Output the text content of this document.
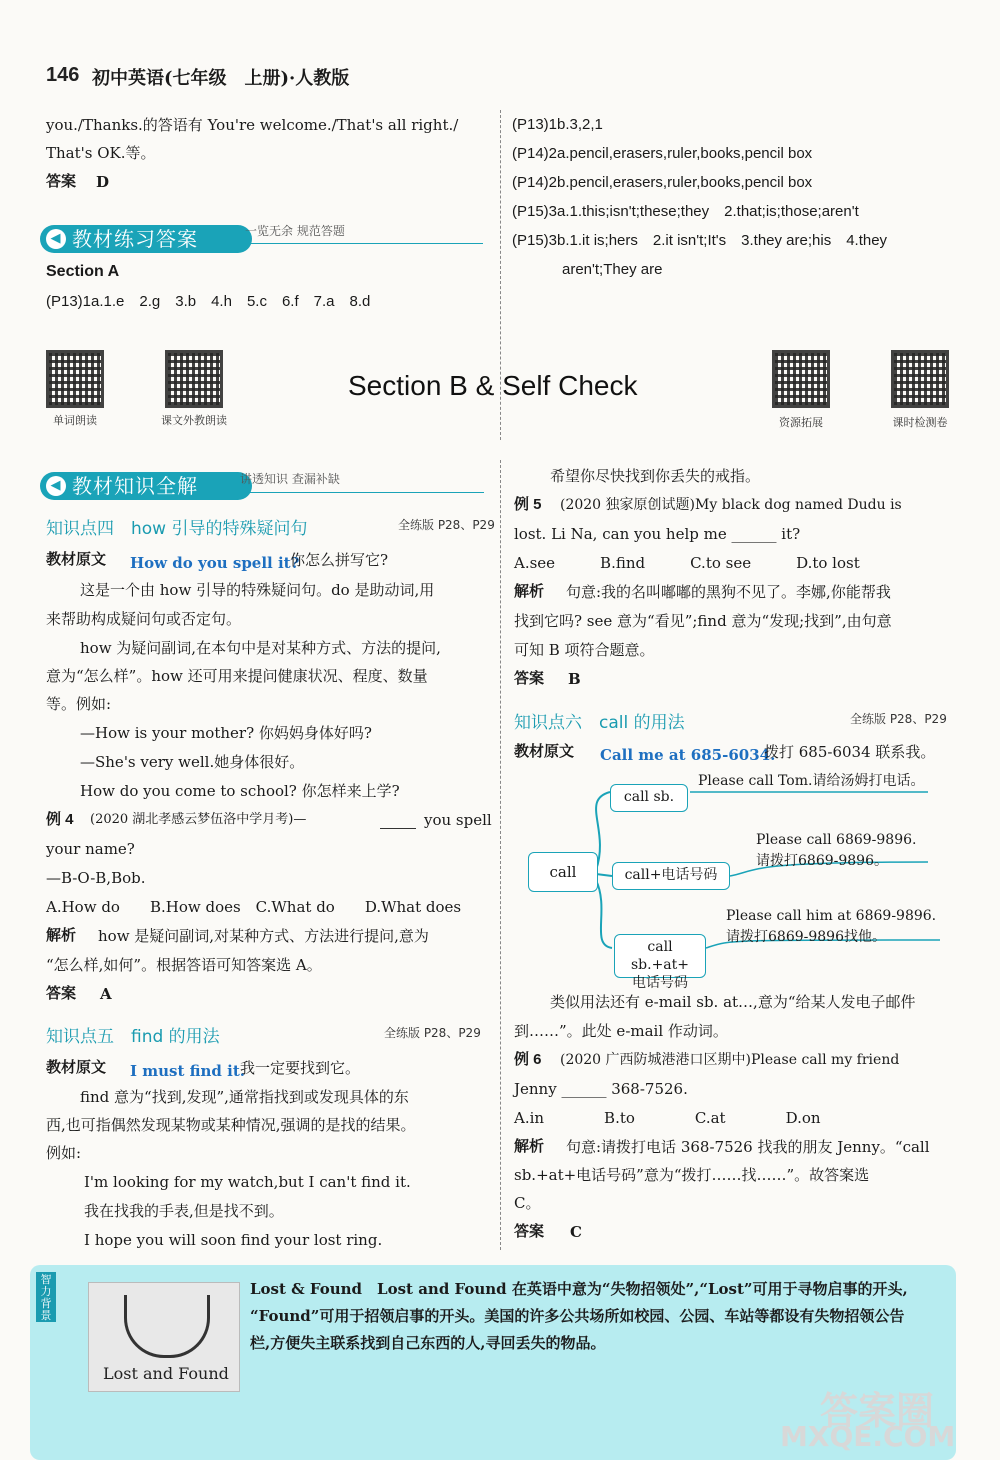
146 初中英语(七年级　上册)·人教版
you./Thanks.的答语有 You're welcome./That's all right./
That's OK.等。
答案 D
◀ 教材练习答案	一览无余 规范答题
Section A
(P13)1a.1.e　2.g　3.b　4.h　5.c　6.f　7.a　8.d
(P13)1b.3,2,1
(P14)2a.pencil,erasers,ruler,books,pencil box
(P14)2b.pencil,erasers,ruler,books,pencil box
(P15)3a.1.this;isn't;these;they　2.that;is;those;aren't
(P15)3b.1.it is;hers　2.it isn't;It's　3.they are;his　4.they
aren't;They are
单词朗读	课文外教朗读	资源拓展	课时检测卷
Section B & Self Check
◀ 教材知识全解	讲透知识 查漏补缺
知识点四　how 引导的特殊疑问句	全练版 P28、P29
教材原文 How do you spell it?
你怎么拼写它?
这是一个由 how 引导的特殊疑问句。do 是助动词,用
来帮助构成疑问句或否定句。
how 为疑问副词,在本句中是对某种方式、方法的提问,
意为“怎么样”。how 还可用来提问健康状况、程度、数量
等。例如:
—How is your mother? 你妈妈身体好吗?
—She's very well.她身体很好。
How do you come to school? 你怎样来上学?
例 4 (2020 湖北孝感云梦伍洛中学月考)—	you spell
your name?
—B-O-B,Bob.
A.How do　　B.How does　C.What do　　D.What does
解析 how 是疑问副词,对某种方式、方法进行提问,意为
“怎么样,如何”。根据答语可知答案选 A。
答案 A
知识点五　find 的用法	全练版 P28、P29
教材原文 I must find it.
我一定要找到它。
find 意为“找到,发现”,通常指找到或发现具体的东
西,也可指偶然发现某物或某种情况,强调的是找的结果。
例如:
I'm looking for my watch,but I can't find it.
我在找我的手表,但是找不到。
I hope you will soon find your lost ring.
希望你尽快找到你丢失的戒指。
例 5 (2020 独家原创试题)My black dog named Dudu is
lost. Li Na, can you help me ______ it?
A.see　　　B.find　　　C.to see　　　D.to lost
解析 句意:我的名叫嘟嘟的黑狗不见了。李娜,你能帮我
找到它吗? see 意为“看见”;find 意为“发现;找到”,由句意
可知 B 项符合题意。
答案 B
知识点六　call 的用法	全练版 P28、P29
教材原文 Call me at 685-6034.
拨打 685-6034 联系我。
call
call sb.
Please call Tom.请给汤姆打电话。
call+电话号码
Please call 6869-9896.
请拨打6869-9896。
call sb.+at+
电话号码
Please call him at 6869-9896.
请拨打6869-9896找他。
类似用法还有 e-mail sb. at…,意为“给某人发电子邮件
到……”。此处 e-mail 作动词。
例 6 (2020 广西防城港港口区期中)Please call my friend
Jenny ______ 368-7526.
A.in　　　　B.to　　　　C.at　　　　D.on
解析 句意:请拨打电话 368-7526 找我的朋友 Jenny。“call
sb.+at+电话号码”意为“拨打……找……”。故答案选
C。
答案 C
智力背景
Lost and Found
Lost & Found　Lost and Found 在英语中意为“失物招领处”,“Lost”可用于寻物启事的开头,
“Found”可用于招领启事的开头。美国的许多公共场所如校园、公园、车站等都设有失物招领公告
栏,方便失主联系找到自己东西的人,寻回丢失的物品。
答案圈
MXQE.COM
